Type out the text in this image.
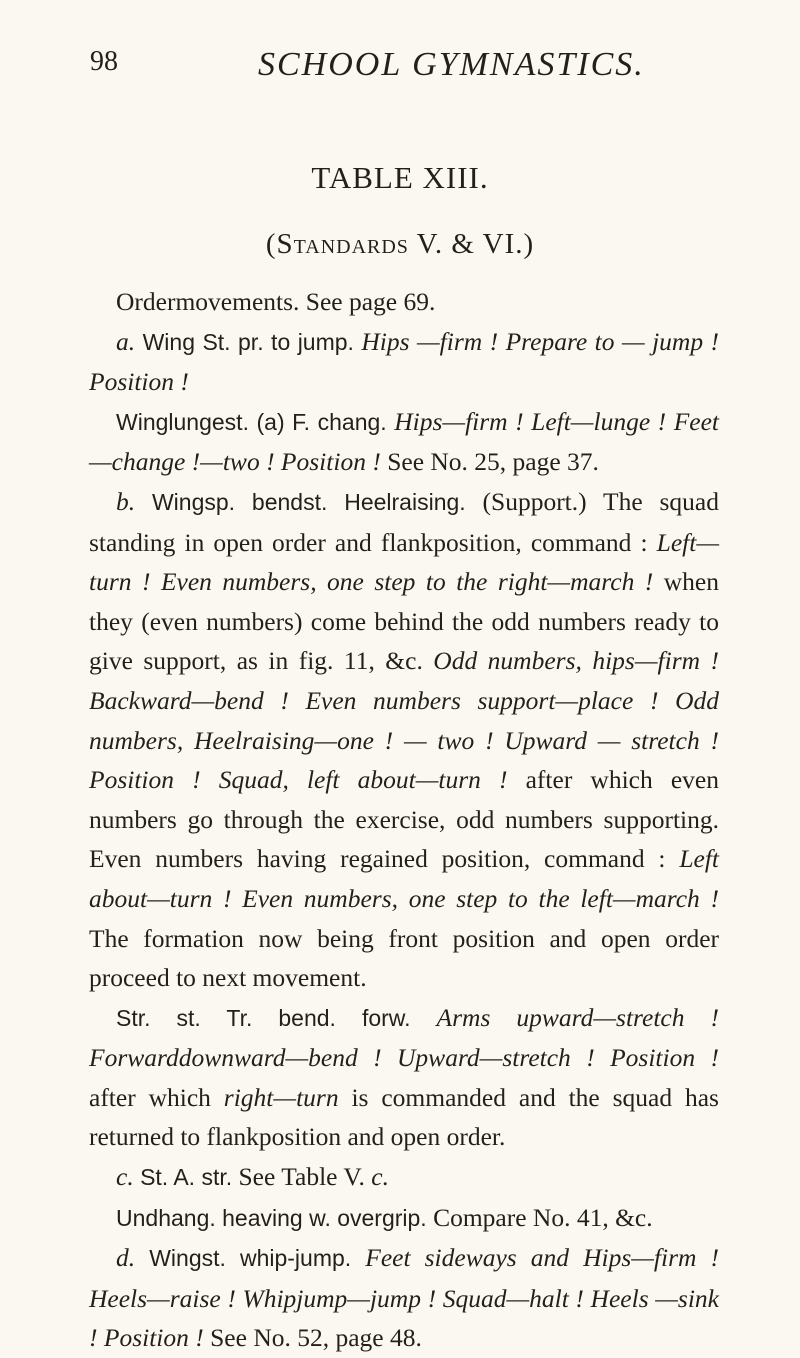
98	SCHOOL GYMNASTICS.
TABLE XIII.
(Standards V. & VI.)

Ordermovements. See page 69.

a. Wing St. pr. to jump. Hips —firm ! Prepare to — jump ! Position !

Winglungest. (a) F. chang. Hips—firm ! Left—lunge ! Feet—change !—two ! Position ! See No. 25, page 37.

b. Wingsp. bendst. Heelraising. (Support.) The squad standing in open order and flankposition, command : Left—turn ! Even numbers, one step to the right—march ! when they (even numbers) come behind the odd numbers ready to give support, as in fig. 11, &c. Odd numbers, hips—firm ! Backward—bend ! Even numbers support—place ! Odd numbers, Heelraising—one ! — two ! Upward — stretch ! Position ! Squad, left about—turn ! after which even numbers go through the exercise, odd numbers supporting. Even numbers having regained position, command : Left about—turn ! Even numbers, one step to the left—march ! The formation now being front position and open order proceed to next movement.

Str. st. Tr. bend. forw. Arms upward—stretch ! Forwarddownward—bend ! Upward—stretch ! Position ! after which right—turn is commanded and the squad has returned to flankposition and open order.

c. St. A. str. See Table V. c.

Undhang. heaving w. overgrip. Compare No. 41, &c.

d. Wingst. whip-jump. Feet sideways and Hips—firm ! Heels—raise ! Whipjump—jump ! Squad—halt ! Heels —sink ! Position ! See No. 52, page 48.
